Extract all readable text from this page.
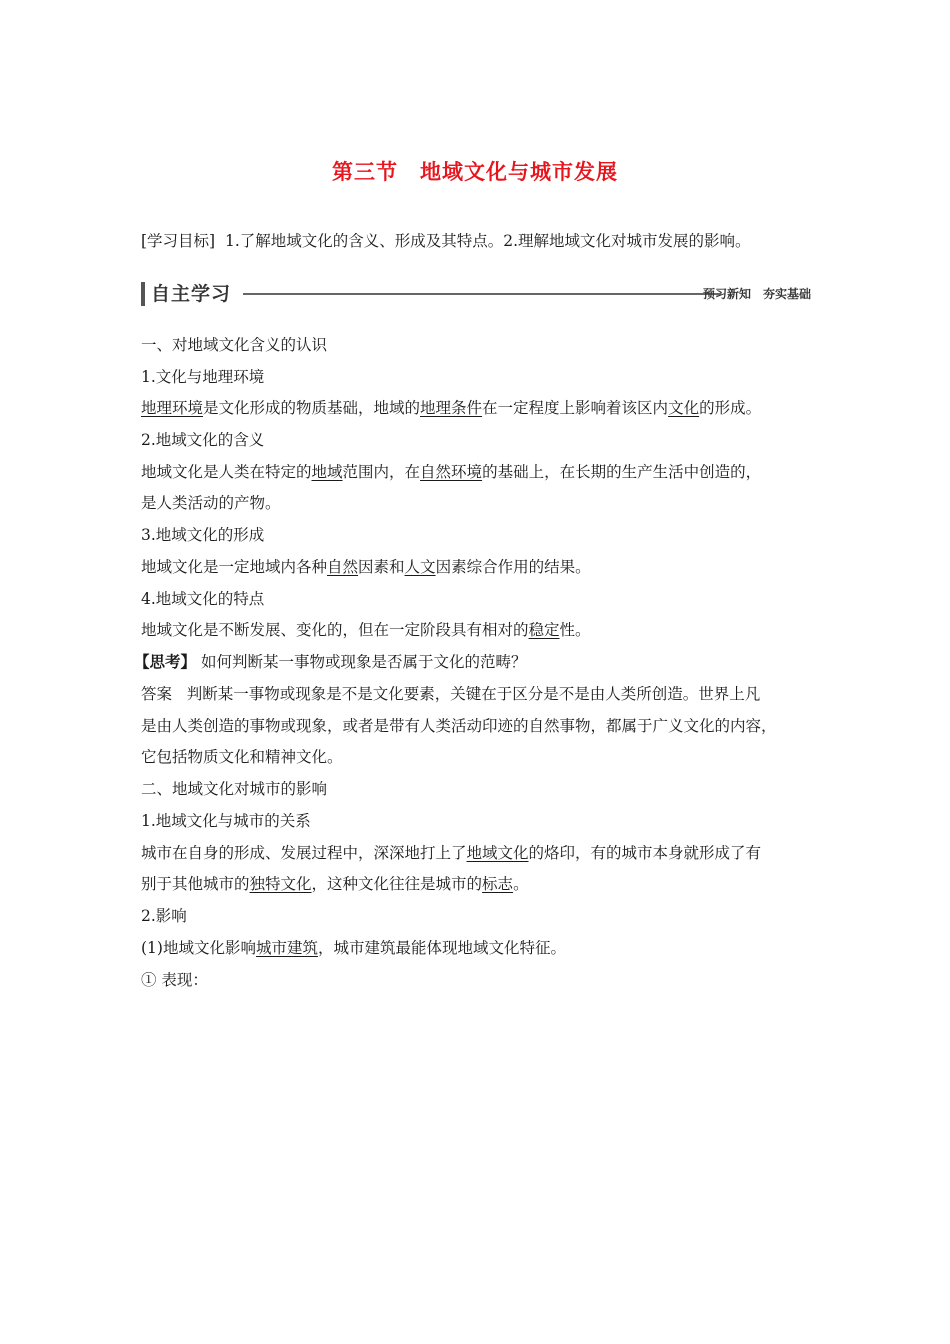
第三节　地域文化与城市发展
[学习目标] 1.了解地域文化的含义、形成及其特点。2.理解地域文化对城市发展的影响。
自主学习	预习新知　夯实基础
一、对地域文化含义的认识
1.文化与地理环境
地理环境是文化形成的物质基础，地域的地理条件在一定程度上影响着该区内文化的形成。
2.地域文化的含义
地域文化是人类在特定的地域范围内，在自然环境的基础上，在长期的生产生活中创造的，
是人类活动的产物。
3.地域文化的形成
地域文化是一定地域内各种自然因素和人文因素综合作用的结果。
4.地域文化的特点
地域文化是不断发展、变化的，但在一定阶段具有相对的稳定性。
【思考】 如何判断某一事物或现象是否属于文化的范畴？
答案 判断某一事物或现象是不是文化要素，关键在于区分是不是由人类所创造。世界上凡
是由人类创造的事物或现象，或者是带有人类活动印迹的自然事物，都属于广义文化的内容，
它包括物质文化和精神文化。
二、地域文化对城市的影响
1.地域文化与城市的关系
城市在自身的形成、发展过程中，深深地打上了地域文化的烙印，有的城市本身就形成了有
别于其他城市的独特文化，这种文化往往是城市的标志。
2.影响
(1)地域文化影响城市建筑，城市建筑最能体现地域文化特征。
① 表现：
